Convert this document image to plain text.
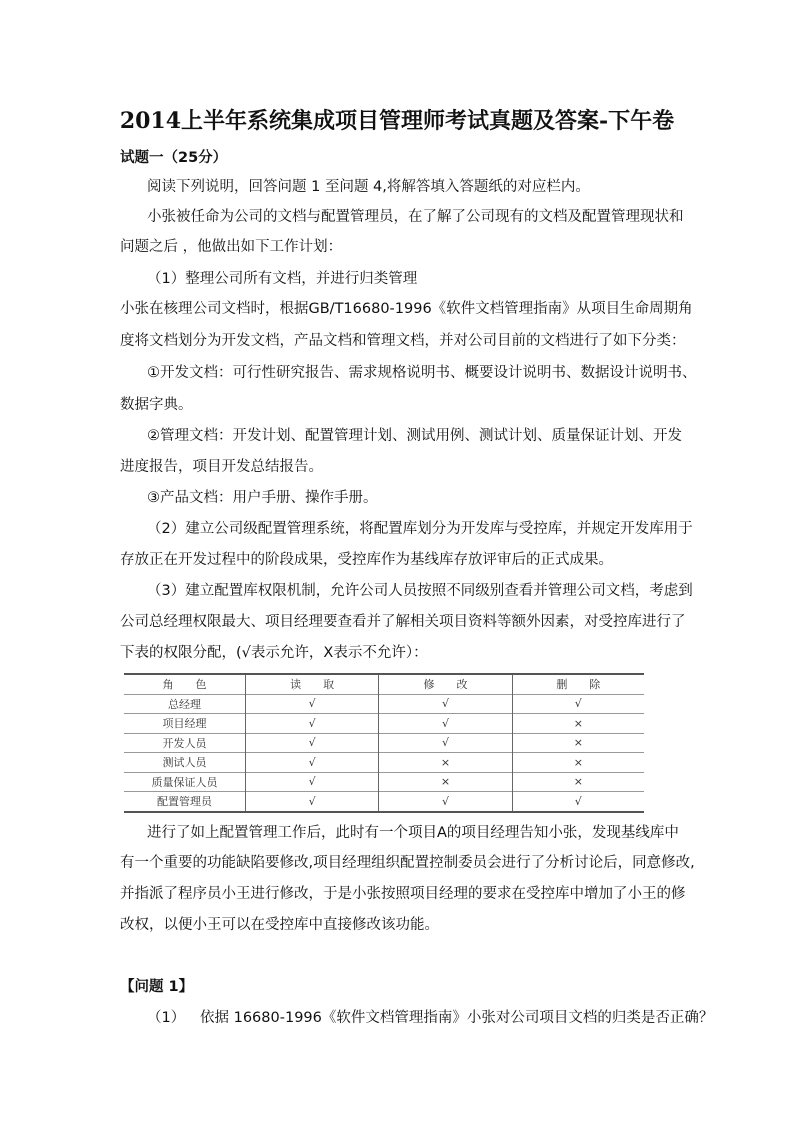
2014上半年系统集成项目管理师考试真题及答案-下午卷
试题一（25分）
阅读下列说明，回答问题 1 至问题 4,将解答填入答题纸的对应栏内。
小张被任命为公司的文档与配置管理员，在了解了公司现有的文档及配置管理现状和
问题之后 ，他做出如下工作计划：
（1）整理公司所有文档，并进行归类管理
小张在核理公司文档时，根据GB/T16680-1996《软件文档管理指南》从项目生命周期角
度将文档划分为开发文档，产品文档和管理文档，并对公司目前的文档进行了如下分类：
①开发文档：可行性研究报告、需求规格说明书、概要设计说明书、数据设计说明书、
数据字典。
②管理文档：开发计划、配置管理计划、测试用例、测试计划、质量保证计划、开发
进度报告，项目开发总结报告。
③产品文档：用户手册、操作手册。
（2）建立公司级配置管理系统，将配置库划分为开发库与受控库，并规定开发库用于
存放正在开发过程中的阶段成果，受控库作为基线库存放评审后的正式成果。
（3）建立配置库权限机制，允许公司人员按照不同级别查看并管理公司文档，考虑到
公司总经理权限最大、项目经理要查看并了解相关项目资料等额外因素，对受控库进行了
下表的权限分配，(√表示允许，X表示不允许）：
角　　色	读　　取	修　　改	删　　除
总经理	√	√	√
项目经理	√	√	×
开发人员	√	√	×
测试人员	√	×	×
质量保证人员	√	×	×
配置管理员	√	√	√
进行了如上配置管理工作后，此时有一个项目A的项目经理告知小张，发现基线库中
有一个重要的功能缺陷要修改,项目经理组织配置控制委员会进行了分析讨论后，同意修改,
并指派了程序员小王进行修改，于是小张按照项目经理的要求在受控库中增加了小王的修
改权，以便小王可以在受控库中直接修改该功能。
【问题 1】
（1） 依据 16680-1996《软件文档管理指南》小张对公司项目文档的归类是否正确？
